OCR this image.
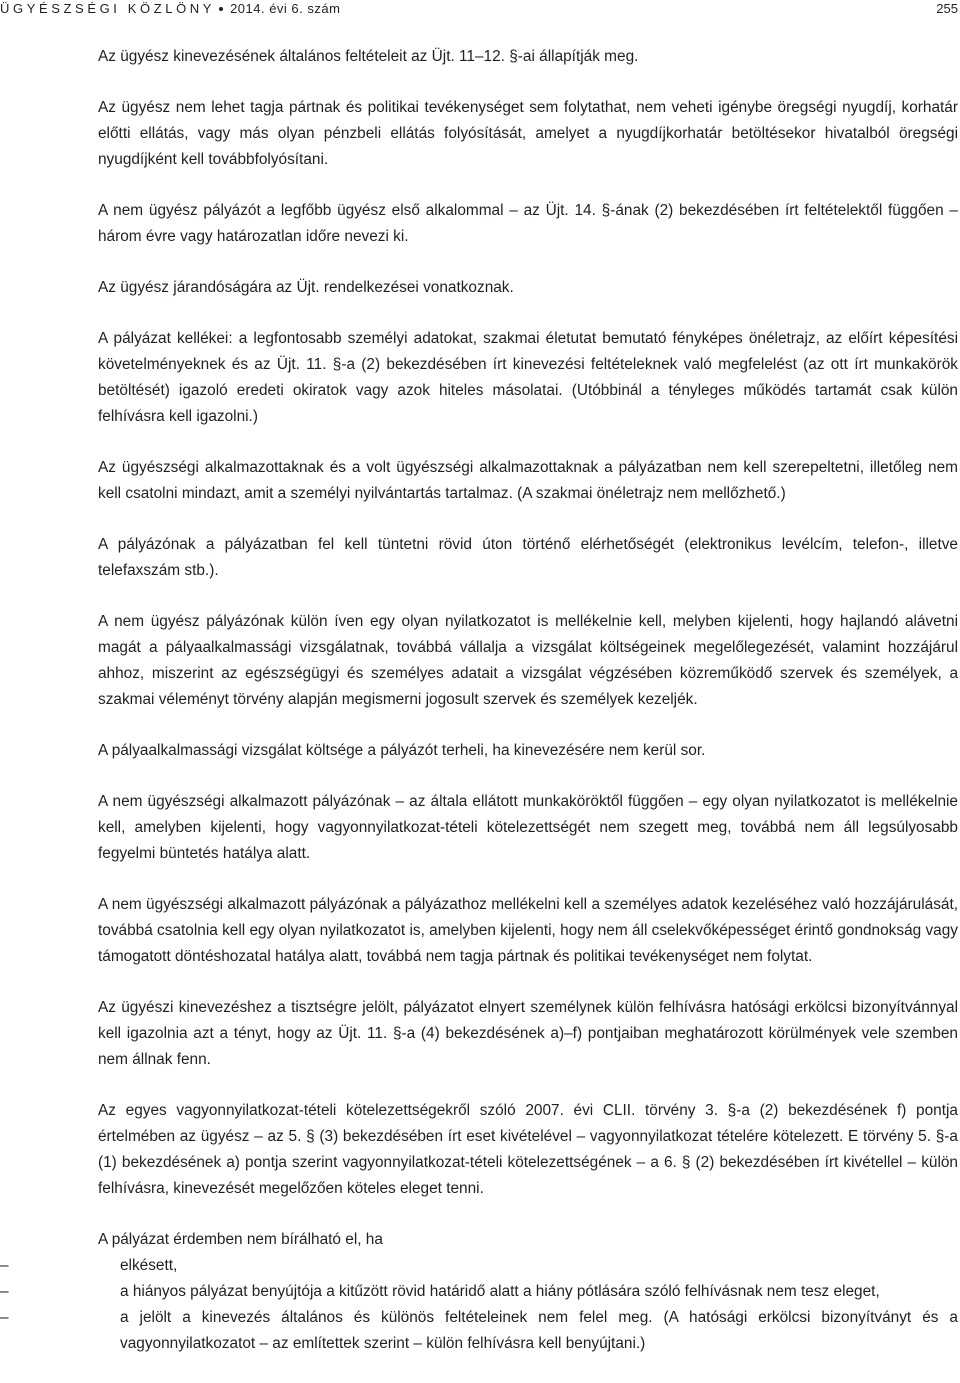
ÜGYÉSZSÉGI KÖZLÖNY 2014. évi 6. szám	255

Az ügyész kinevezésének általános feltételeit az Üjt. 11–12. §-ai állapítják meg.

Az ügyész nem lehet tagja pártnak és politikai tevékenységet sem folytathat, nem veheti igénybe öregségi nyugdíj, korhatár előtti ellátás, vagy más olyan pénzbeli ellátás folyósítását, amelyet a nyugdíjkorhatár betöltésekor hivatalból öregségi nyugdíjként kell továbbfolyósítani.

A nem ügyész pályázót a legfőbb ügyész első alkalommal – az Üjt. 14. §-ának (2) bekezdésében írt feltételektől függően – három évre vagy határozatlan időre nevezi ki.

Az ügyész járandóságára az Üjt. rendelkezései vonatkoznak.

A pályázat kellékei: a legfontosabb személyi adatokat, szakmai életutat bemutató fényképes önéletrajz, az előírt képesítési követelményeknek és az Üjt. 11. §-a (2) bekezdésében írt kinevezési feltételeknek való megfelelést (az ott írt munkakörök betöltését) igazoló eredeti okiratok vagy azok hiteles másolatai. (Utóbbinál a tényleges működés tartamát csak külön felhívásra kell igazolni.)

Az ügyészségi alkalmazottaknak és a volt ügyészségi alkalmazottaknak a pályázatban nem kell szerepeltetni, illetőleg nem kell csatolni mindazt, amit a személyi nyilvántartás tartalmaz. (A szakmai önéletrajz nem mellőzhető.)

A pályázónak a pályázatban fel kell tüntetni rövid úton történő elérhetőségét (elektronikus levélcím, telefon-, illetve telefaxszám stb.).

A nem ügyész pályázónak külön íven egy olyan nyilatkozatot is mellékelnie kell, melyben kijelenti, hogy hajlandó alávetni magát a pályaalkalmassági vizsgálatnak, továbbá vállalja a vizsgálat költségeinek megelőlegezését, valamint hozzájárul ahhoz, miszerint az egészségügyi és személyes adatait a vizsgálat végzésében közreműködő szervek és személyek, a szakmai véleményt törvény alapján megismerni jogosult szervek és személyek kezeljék.

A pályaalkalmassági vizsgálat költsége a pályázót terheli, ha kinevezésére nem kerül sor.

A nem ügyészségi alkalmazott pályázónak – az általa ellátott munkaköröktől függően – egy olyan nyilatkozatot is mellékelnie kell, amelyben kijelenti, hogy vagyonnyilatkozat-tételi kötelezettségét nem szegett meg, továbbá nem áll legsúlyosabb fegyelmi büntetés hatálya alatt.

A nem ügyészségi alkalmazott pályázónak a pályázathoz mellékelni kell a személyes adatok kezeléséhez való hozzájárulását, továbbá csatolnia kell egy olyan nyilatkozatot is, amelyben kijelenti, hogy nem áll cselekvőképességet érintő gondnokság vagy támogatott döntéshozatal hatálya alatt, továbbá nem tagja pártnak és politikai tevékenységet nem folytat.

Az ügyészi kinevezéshez a tisztségre jelölt, pályázatot elnyert személynek külön felhívásra hatósági erkölcsi bizonyítvánnyal kell igazolnia azt a tényt, hogy az Üjt. 11. §-a (4) bekezdésének a)–f) pontjaiban meghatározott körülmények vele szemben nem állnak fenn.

Az egyes vagyonnyilatkozat-tételi kötelezettségekről szóló 2007. évi CLII. törvény 3. §-a (2) bekezdésének f) pontja értelmében az ügyész – az 5. § (3) bekezdésében írt eset kivételével – vagyonnyilatkozat tételére kötelezett. E törvény 5. §-a (1) bekezdésének a) pontja szerint vagyonnyilatkozat-tételi kötelezettségének – a 6. § (2) bekezdésében írt kivétellel – külön felhívásra, kinevezését megelőzően köteles eleget tenni.

A pályázat érdemben nem bírálható el, ha

–	elkésett,
–	a hiányos pályázat benyújtója a kitűzött rövid határidő alatt a hiány pótlására szóló felhívásnak nem tesz eleget,
–	a jelölt a kinevezés általános és különös feltételeinek nem felel meg. (A hatósági erkölcsi bizonyítványt és a vagyonnyilatkozatot – az említettek szerint – külön felhívásra kell benyújtani.)
